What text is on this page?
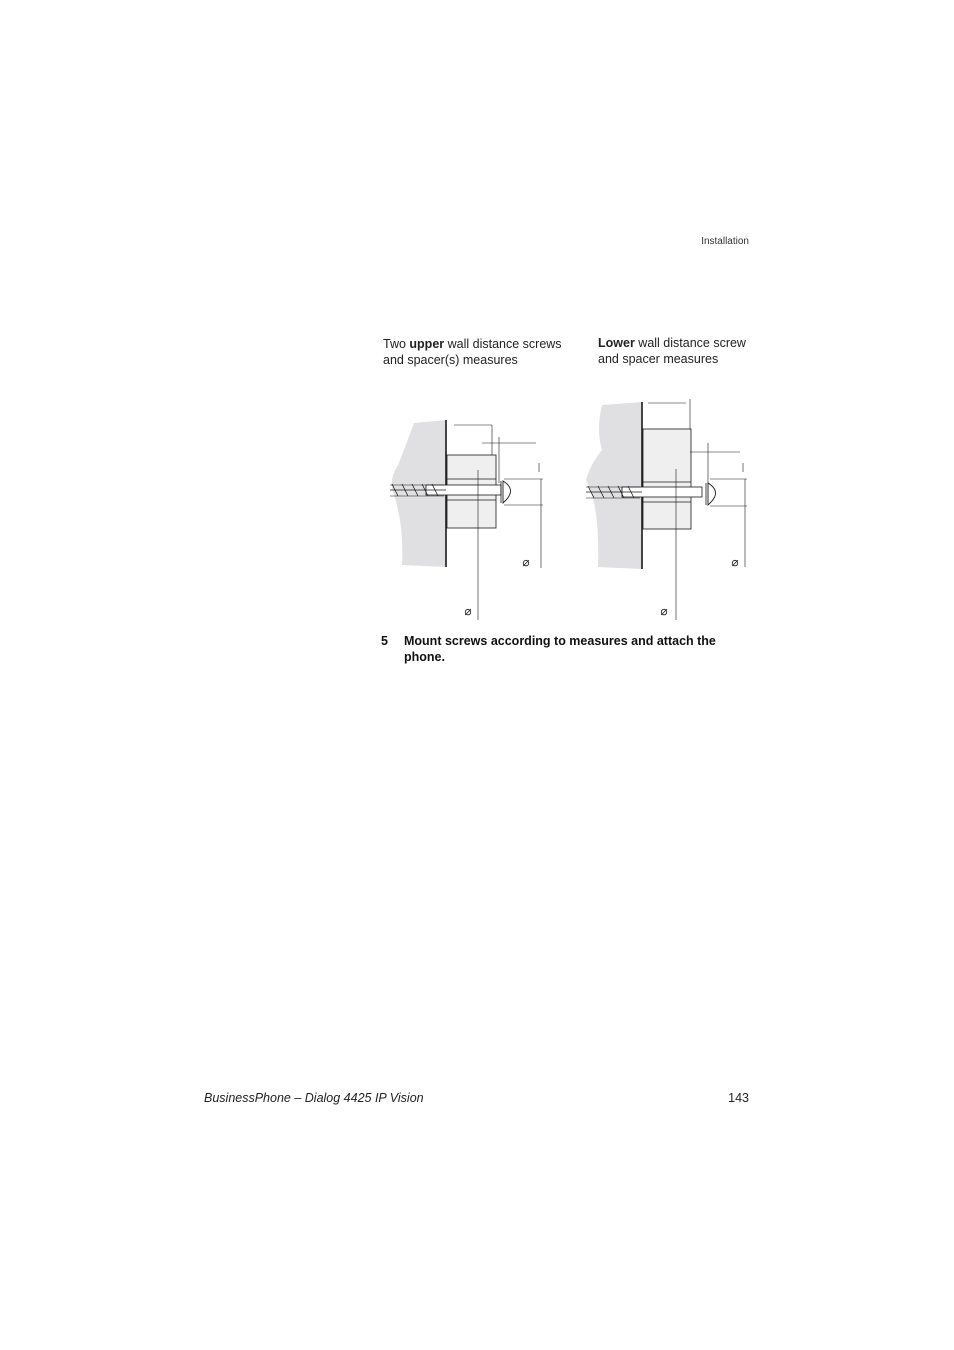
Installation
Two upper wall distance screws and spacer(s) measures
Lower wall distance screw and spacer measures
⌀
⌀
⌀
⌀
5 Mount screws according to measures and attach the phone.
BusinessPhone – Dialog 4425 IP Vision	143
